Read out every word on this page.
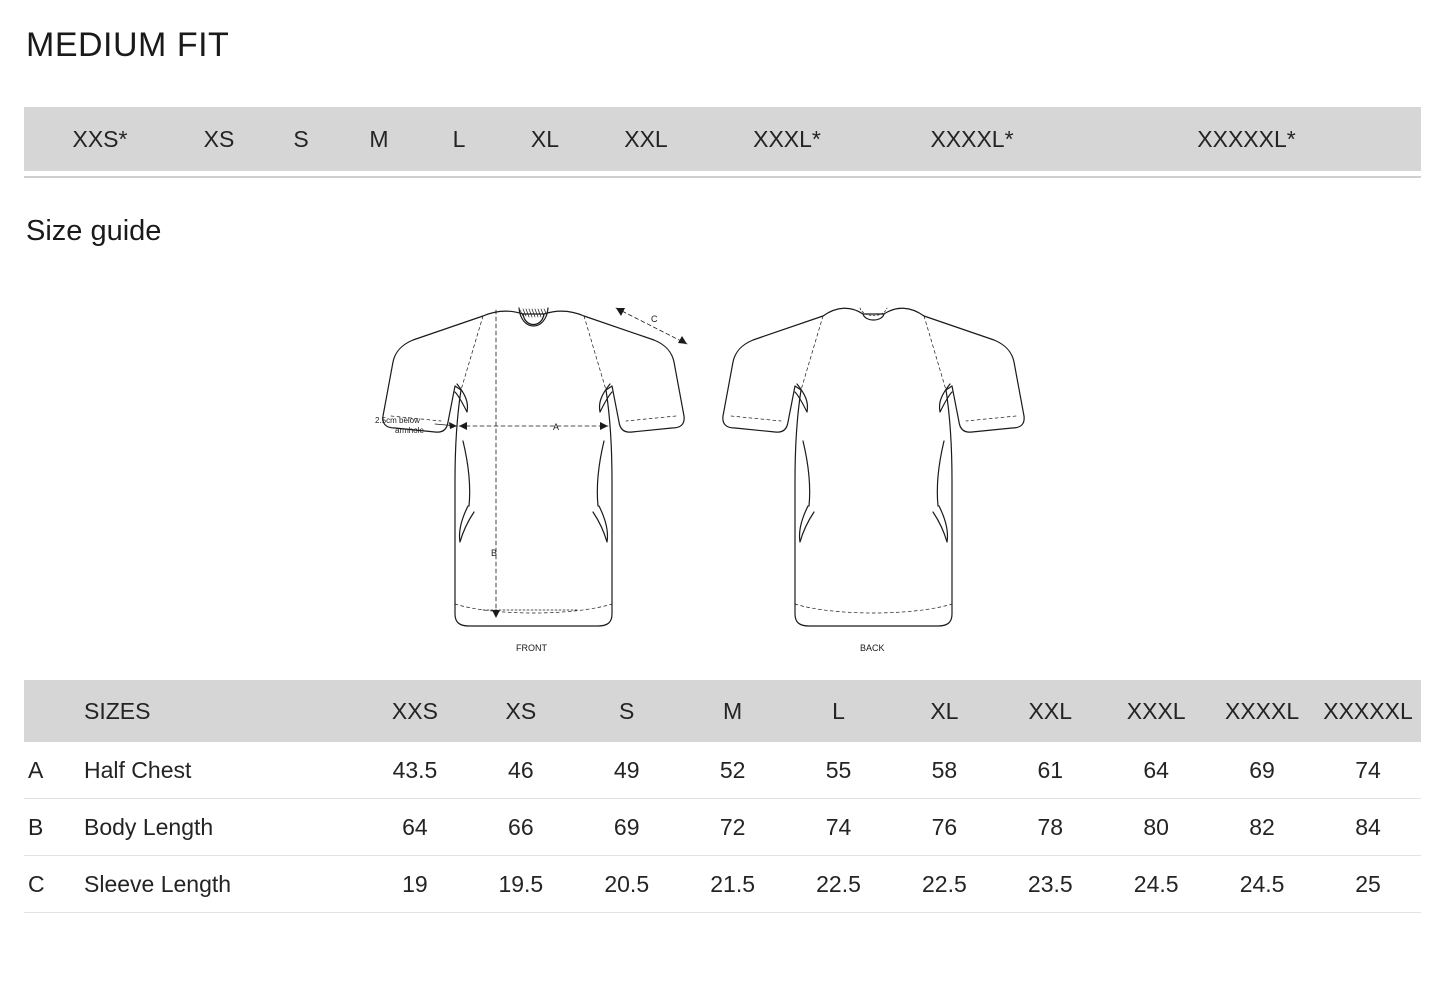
MEDIUM FIT
XXS*	XS	S	M	L	XL	XXL	XXXL*	XXXXL*	XXXXXL*
Size guide
A
B
C
2.5cm below
armhole
FRONT	BACK
	SIZES	XXS	XS	S	M	L	XL	XXL	XXXL	XXXXL	XXXXXL
A	Half Chest	43.5	46	49	52	55	58	61	64	69	74
B	Body Length	64	66	69	72	74	76	78	80	82	84
C	Sleeve Length	19	19.5	20.5	21.5	22.5	22.5	23.5	24.5	24.5	25
